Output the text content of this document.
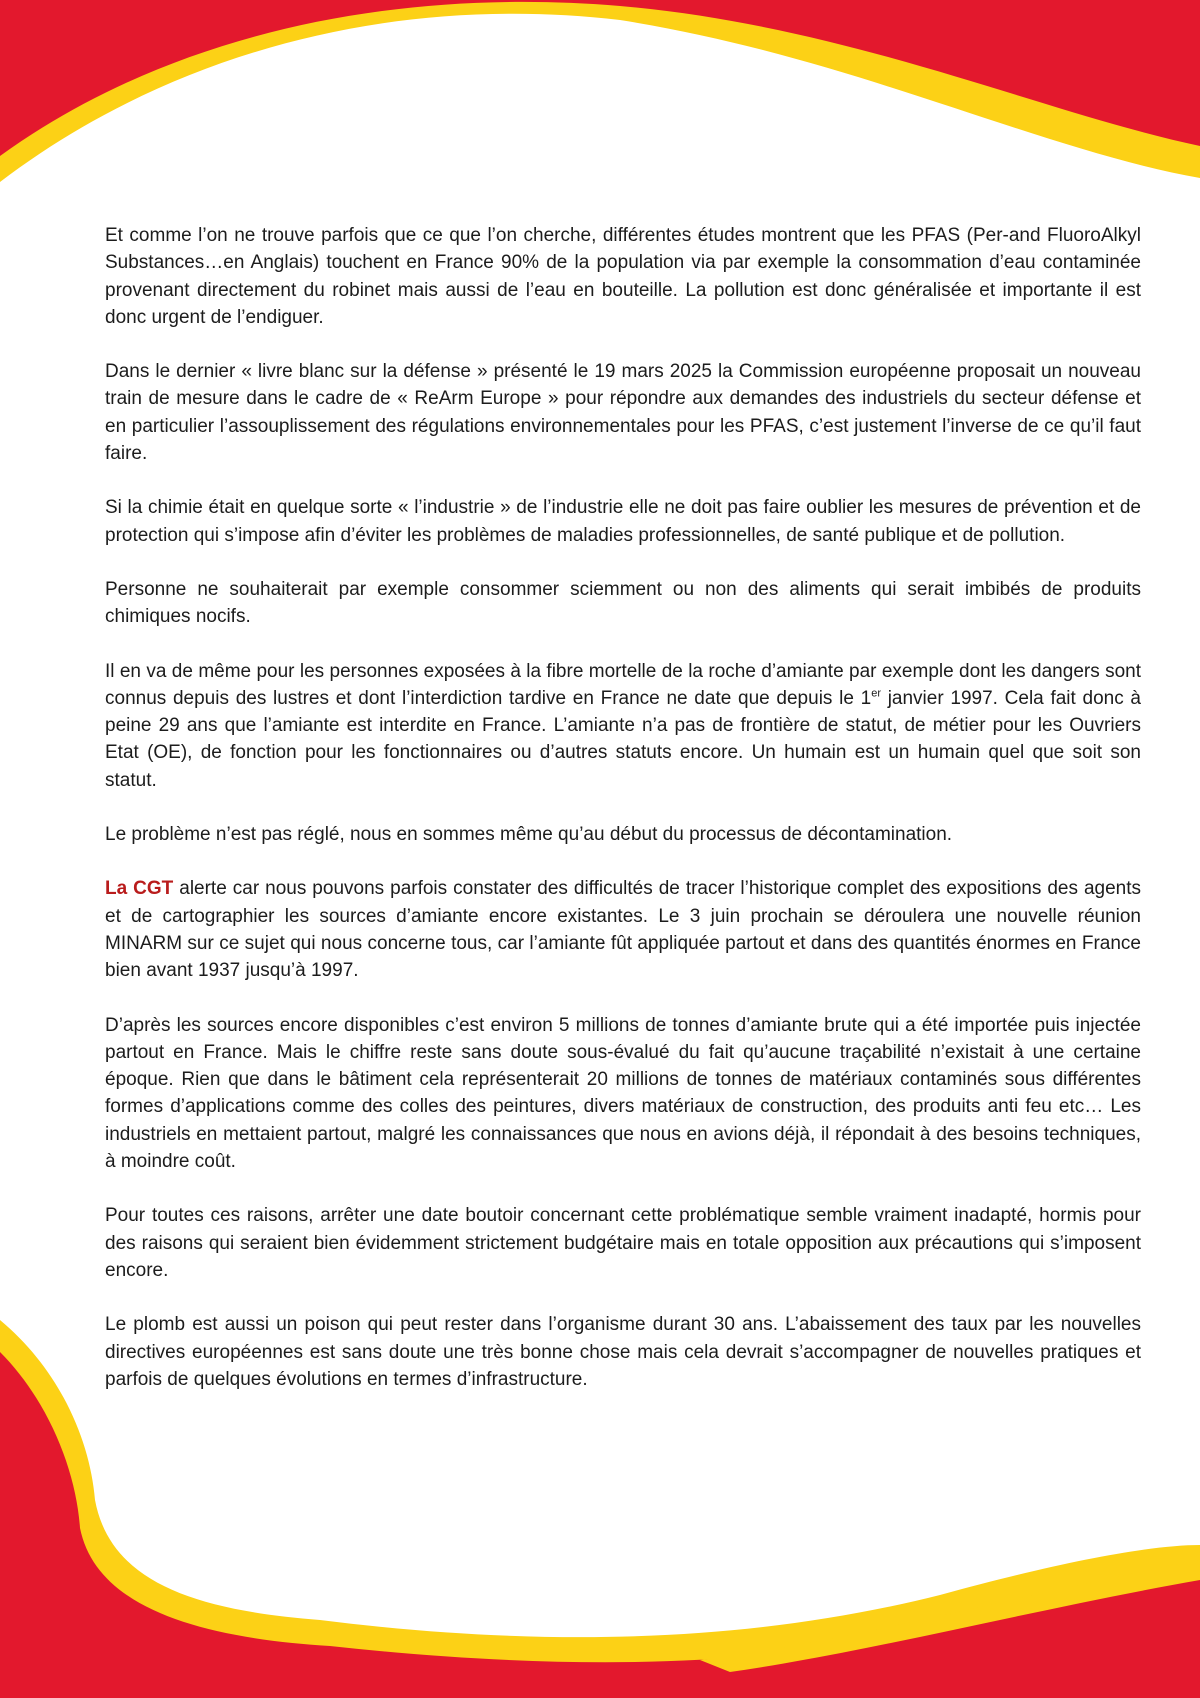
Et comme l’on ne trouve parfois que ce que l’on cherche, différentes études montrent que les PFAS (Per-and FluoroAlkyl Substances…en Anglais) touchent en France 90% de la population via par exemple la consommation d’eau contaminée provenant directement du robinet mais aussi de l’eau en bouteille. La pollution est donc généralisée et importante il est donc urgent de l’endiguer.

Dans le dernier « livre blanc sur la défense » présenté le 19 mars 2025 la Commission européenne proposait un nouveau train de mesure dans le cadre de « ReArm Europe » pour répondre aux demandes des industriels du secteur défense et en particulier l’assouplissement des régulations environnementales pour les PFAS, c’est justement l’inverse de ce qu’il faut faire.

Si la chimie était en quelque sorte « l’industrie » de l’industrie elle ne doit pas faire oublier les mesures de prévention et de protection qui s’impose afin d’éviter les problèmes de maladies professionnelles, de santé publique et de pollution.

Personne ne souhaiterait par exemple consommer sciemment ou non des aliments qui serait imbibés de produits chimiques nocifs.

Il en va de même pour les personnes exposées à la fibre mortelle de la roche d’amiante par exemple dont les dangers sont connus depuis des lustres et dont l’interdiction tardive en France ne date que depuis le 1er janvier 1997. Cela fait donc à peine 29 ans que l’amiante est interdite en France. L’amiante n’a pas de frontière de statut, de métier pour les Ouvriers Etat (OE), de fonction pour les fonctionnaires ou d’autres statuts encore. Un humain est un humain quel que soit son statut.

Le problème n’est pas réglé, nous en sommes même qu’au début du processus de décontamination.

La CGT alerte car nous pouvons parfois constater des difficultés de tracer l’historique complet des expositions des agents et de cartographier les sources d’amiante encore existantes. Le 3 juin prochain se déroulera une nouvelle réunion MINARM sur ce sujet qui nous concerne tous, car l’amiante fût appliquée partout et dans des quantités énormes en France bien avant 1937 jusqu’à 1997.

D’après les sources encore disponibles c’est environ 5 millions de tonnes d’amiante brute qui a été importée puis injectée partout en France. Mais le chiffre reste sans doute sous-évalué du fait qu’aucune traçabilité n’existait à une certaine époque. Rien que dans le bâtiment cela représenterait 20 millions de tonnes de matériaux contaminés sous différentes formes d’applications comme des colles des peintures, divers matériaux de construction, des produits anti feu etc… Les industriels en mettaient partout, malgré les connaissances que nous en avions déjà, il répondait à des besoins techniques, à moindre coût.

Pour toutes ces raisons, arrêter une date boutoir concernant cette problématique semble vraiment inadapté, hormis pour des raisons qui seraient bien évidemment strictement budgétaire mais en totale opposition aux précautions qui s’imposent encore.

Le plomb est aussi un poison qui peut rester dans l’organisme durant 30 ans. L’abaissement des taux par les nouvelles directives européennes est sans doute une très bonne chose mais cela devrait s’accompagner de nouvelles pratiques et parfois de quelques évolutions en termes d’infrastructure.
